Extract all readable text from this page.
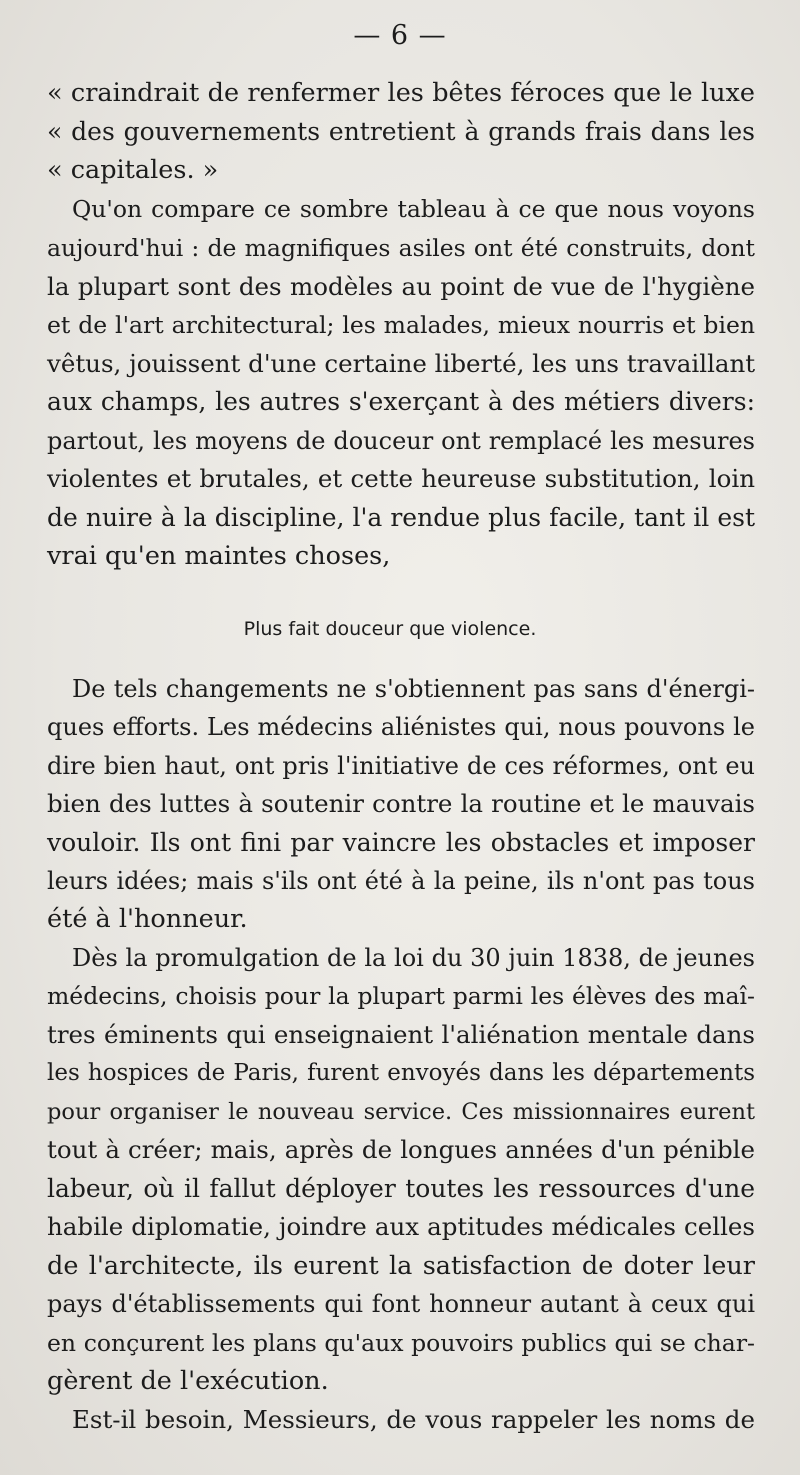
— 6 —
« craindrait de renfermer les bêtes féroces que le luxe
« des gouvernements entretient à grands frais dans les
« capitales. »
Qu'on compare ce sombre tableau à ce que nous voyons
aujourd'hui : de magnifiques asiles ont été construits, dont
la plupart sont des modèles au point de vue de l'hygiène
et de l'art architectural; les malades, mieux nourris et bien
vêtus, jouissent d'une certaine liberté, les uns travaillant
aux champs, les autres s'exerçant à des métiers divers:
partout, les moyens de douceur ont remplacé les mesures
violentes et brutales, et cette heureuse substitution, loin
de nuire à la discipline, l'a rendue plus facile, tant il est
vrai qu'en maintes choses,
Plus fait douceur que violence.
De tels changements ne s'obtiennent pas sans d'énergi-
ques efforts. Les médecins aliénistes qui, nous pouvons le
dire bien haut, ont pris l'initiative de ces réformes, ont eu
bien des luttes à soutenir contre la routine et le mauvais
vouloir. Ils ont fini par vaincre les obstacles et imposer
leurs idées; mais s'ils ont été à la peine, ils n'ont pas tous
été à l'honneur.
Dès la promulgation de la loi du 30 juin 1838, de jeunes
médecins, choisis pour la plupart parmi les élèves des maî-
tres éminents qui enseignaient l'aliénation mentale dans
les hospices de Paris, furent envoyés dans les départements
pour organiser le nouveau service. Ces missionnaires eurent
tout à créer; mais, après de longues années d'un pénible
labeur, où il fallut déployer toutes les ressources d'une
habile diplomatie, joindre aux aptitudes médicales celles
de l'architecte, ils eurent la satisfaction de doter leur
pays d'établissements qui font honneur autant à ceux qui
en conçurent les plans qu'aux pouvoirs publics qui se char-
gèrent de l'exécution.
Est-il besoin, Messieurs, de vous rappeler les noms de
